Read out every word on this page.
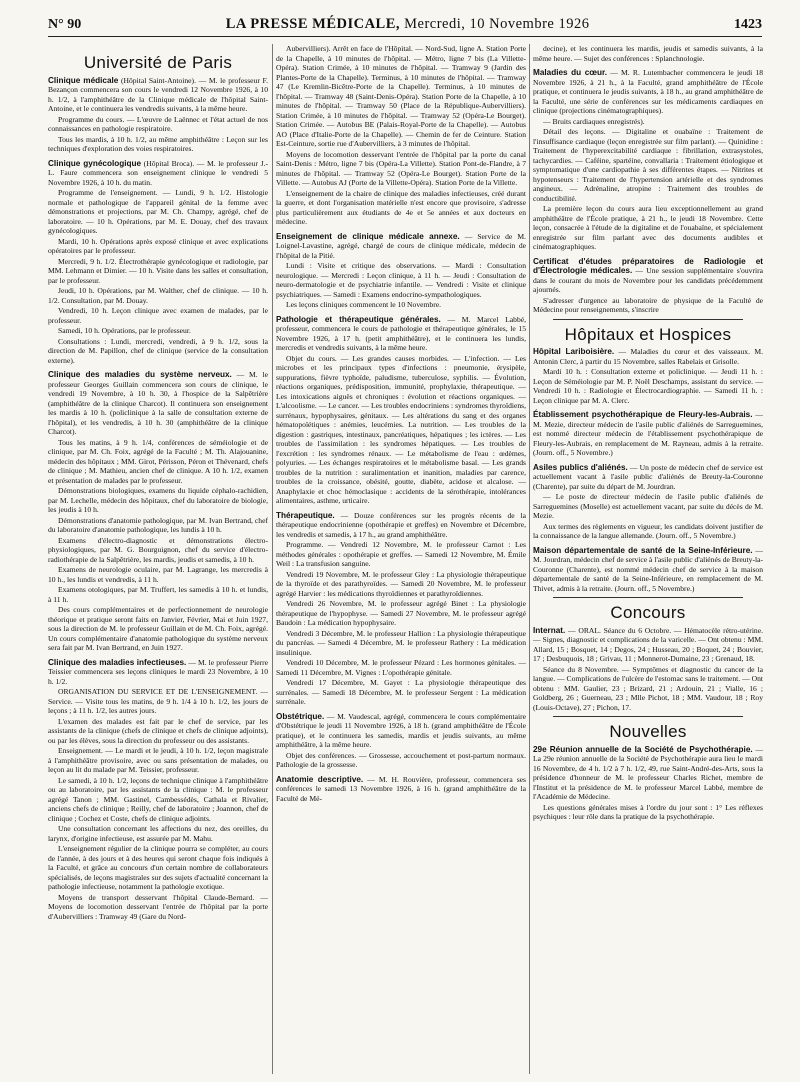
N° 90	LA PRESSE MÉDICALE, Mercredi, 10 Novembre 1926	1423
Université de Paris

Clinique médicale (Hôpital Saint-Antoine). — M. le professeur F. Bezançon commencera son cours le vendredi 12 Novembre 1926, à 10 h. 1/2, à l'amphithéâtre de la Clinique médicale de l'hôpital Saint-Antoine, et le continuera les vendredis suivants, à la même heure.

Programme du cours. — L'œuvre de Laënnec et l'état actuel de nos connaissances en pathologie respiratoire.

Tous les mardis, à 10 h. 1/2, au même amphithéâtre : Leçon sur les techniques d'exploration des voies respiratoires.

Clinique gynécologique (Hôpital Broca). — M. le professeur J.-L. Faure commencera son enseignement clinique le vendredi 5 Novembre 1926, à 10 h. du matin.

Programme de l'enseignement. — Lundi, 9 h. 1/2. Histologie normale et pathologique de l'appareil génital de la femme avec démonstrations et projections, par M. Ch. Champy, agrégé, chef de laboratoire. — 10 h. Opérations, par M. E. Douay, chef des travaux gynécologiques.

Mardi, 10 h. Opérations après exposé clinique et avec explications opératoires par le professeur.

Mercredi, 9 h. 1/2. Électrothérapie gynécologique et radiologie, par MM. Lehmann et Dimier. — 10 h. Visite dans les salles et consultation, par le professeur.

Jeudi, 10 h. Opérations, par M. Walther, chef de clinique. — 10 h. 1/2. Consultation, par M. Douay.

Vendredi, 10 h. Leçon clinique avec examen de malades, par le professeur.

Samedi, 10 h. Opérations, par le professeur.

Consultations : Lundi, mercredi, vendredi, à 9 h. 1/2, sous la direction de M. Papillon, chef de clinique (service de la consultation externe).

Clinique des maladies du système nerveux. — M. le professeur Georges Guillain commencera son cours de clinique, le vendredi 19 Novembre, à 10 h. 30, à l'hospice de la Salpêtrière (amphithéâtre de la clinique Charcot). Il continuera son enseignement les mardis à 10 h. (policlinique à la salle de consultation externe de l'hôpital), et les vendredis, à 10 h. 30 (amphithéâtre de la clinique Charcot).

Tous les matins, à 9 h. 1/4, conférences de séméiologie et de clinique, par M. Ch. Foix, agrégé de la Faculté ; M. Th. Alajouanine, médecin des hôpitaux ; MM. Girot, Périsson, Péron et Thévenard, chefs de clinique ; M. Mathieu, ancien chef de clinique. A 10 h. 1/2, examen et présentation de malades par le professeur.

Démonstrations biologiques, examens du liquide céphalo-rachidien, par M. Lechelle, médecin des hôpitaux, chef du laboratoire de biologie, les jeudis à 10 h.

Démonstrations d'anatomie pathologique, par M. Ivan Bertrand, chef du laboratoire d'anatomie pathologique, les lundis à 10 h.

Examens d'électro-diagnostic et démonstrations électro-physiologiques, par M. G. Bourguignon, chef du service d'électro-radiothérapie de la Salpêtrière, les mardis, jeudis et samedis, à 10 h.

Examens de neurologie oculaire, par M. Lagrange, les mercredis à 10 h., les lundis et vendredis, à 11 h.

Examens otologiques, par M. Truffert, les samedis à 10 h. et lundis, à 11 h.

Des cours complémentaires et de perfectionnement de neurologie théorique et pratique seront faits en Janvier, Février, Mai et Juin 1927, sous la direction de M. le professeur Guillain et de M. Ch. Foix, agrégé. Un cours complémentaire d'anatomie pathologique du système nerveux sera fait par M. Ivan Bertrand, en Juin 1927.

Clinique des maladies infectieuses. — M. le professeur Pierre Teissier commencera ses leçons cliniques le mardi 23 Novembre, à 10 h. 1/2.

ORGANISATION DU SERVICE ET DE L'ENSEIGNEMENT. — Service. — Visite tous les matins, de 9 h. 1/4 à 10 h. 1/2, les jours de leçons ; à 11 h. 1/2, les autres jours.

L'examen des malades est fait par le chef de service, par les assistants de la clinique (chefs de clinique et chefs de clinique adjoints), ou par les élèves, sous la direction du professeur ou des assistants.

Enseignement. — Le mardi et le jeudi, à 10 h. 1/2, leçon magistrale à l'amphithéâtre provisoire, avec ou sans présentation de malades, ou leçon au lit du malade par M. Teissier, professeur.

Le samedi, à 10 h. 1/2, leçons de technique clinique à l'amphithéâtre ou au laboratoire, par les assistants de la clinique : M. le professeur agrégé Tanon ; MM. Gastinel, Cambessédès, Cathala et Rivalier, anciens chefs de clinique ; Reilly, chef de laboratoire ; Joannon, chef de clinique ; Cochez et Coste, chefs de clinique adjoints.

Une consultation concernant les affections du nez, des oreilles, du larynx, d'origine infectieuse, est assurée par M. Mahu.

L'enseignement régulier de la clinique pourra se compléter, au cours de l'année, à des jours et à des heures qui seront chaque fois indiqués à la Faculté, et grâce au concours d'un certain nombre de collaborateurs spécialisés, de leçons magistrales sur des sujets d'actualité concernant la pathologie infectieuse, notamment la pathologie exotique.

Moyens de transport desservant l'hôpital Claude-Bernard. — Moyens de locomotion desservant l'entrée de l'hôpital par la porte d'Aubervilliers : Tramway 49 (Gare du Nord-

Aubervilliers). Arrêt en face de l'Hôpital. — Nord-Sud, ligne A. Station Porte de la Chapelle, à 10 minutes de l'hôpital. — Métro, ligne 7 bis (La Villette-Opéra). Station Crimée, à 10 minutes de l'hôpital. — Tramway 9 (Jardin des Plantes-Porte de la Chapelle). Terminus, à 10 minutes de l'hôpital. — Tramway 47 (Le Kremlin-Bicêtre-Porte de la Chapelle). Terminus, à 10 minutes de l'hôpital. — Tramway 48 (Saint-Denis-Opéra). Station Porte de la Chapelle, à 10 minutes de l'hôpital. — Tramway 50 (Place de la République-Aubervilliers). Station Crimée, à 10 minutes de l'hôpital. — Tramway 52 (Opéra-Le Bourget). Station Crimée. — Autobus BE (Palais-Royal-Porte de la Chapelle). — Autobus AO (Place d'Italie-Porte de la Chapelle). — Chemin de fer de Ceinture. Station Est-Ceinture, sortie rue d'Aubervilliers, à 3 minutes de l'hôpital.

Moyens de locomotion desservant l'entrée de l'hôpital par la porte du canal Saint-Denis : Métro, ligne 7 bis (Opéra-La Villette). Station Pont-de-Flandre, à 7 minutes de l'hôpital. — Tramway 52 (Opéra-Le Bourget). Station Porte de la Villette. — Autobus AJ (Porte de la Villette-Opéra). Station Porte de la Villette.

L'enseignement de la chaire de clinique des maladies infectieuses, créé durant la guerre, et dont l'organisation matérielle n'est encore que provisoire, s'adresse plus particulièrement aux étudiants de 4e et 5e années et aux docteurs en médecine.

Enseignement de clinique médicale annexe. — Service de M. Loignel-Lavastine, agrégé, chargé de cours de clinique médicale, médecin de l'hôpital de la Pitié.

Lundi : Visite et critique des observations. — Mardi : Consultation neurologique. — Mercredi : Leçon clinique, à 11 h. — Jeudi : Consultation de neuro-dermatologie et de psychiatrie infantile. — Vendredi : Visite et clinique psychiatriques. — Samedi : Examens endocrino-sympathologiques.

Les leçons cliniques commencent le 10 Novembre.

Pathologie et thérapeutique générales. — M. Marcel Labbé, professeur, commencera le cours de pathologie et thérapeutique générales, le 15 Novembre 1926, à 17 h. (petit amphithéâtre), et le continuera les lundis, mercredis et vendredis suivants, à la même heure.

Objet du cours. — Les grandes causes morbides. — L'infection. — Les microbes et les principaux types d'infections : pneumonie, érysipèle, suppurations, fièvre typhoïde, paludisme, tuberculose, syphilis. — Évolution, réactions organiques, prédisposition, immunité, prophylaxie, thérapeutique. — Les intoxications aiguës et chroniques : évolution et réactions organiques. — L'alcoolisme. — Le cancer. — Les troubles endocriniens : syndromes thyroïdiens, surrénaux, hypophysaires, génitaux. — Les altérations du sang et des organes hématopoïétiques : anémies, leucémies. La nutrition. — Les troubles de la digestion : gastriques, intestinaux, pancréatiques, hépatiques ; les ictères. — Les troubles de l'assimilation : les syndromes hépatiques. — Les troubles de l'excrétion : les syndromes rénaux. — Le métabolisme de l'eau : œdèmes, polyuries. — Les échanges respiratoires et le métabolisme basal. — Les grands troubles de la nutrition : suralimentation et inanition, maladies par carence, troubles de la croissance, obésité, goutte, diabète, acidose et alcalose. — Anaphylaxie et choc hémoclasique : accidents de la sérothérapie, intolérances alimentaires, asthme, urticaire.

Thérapeutique. — Douze conférences sur les progrès récents de la thérapeutique endocrinienne (opothérapie et greffes) en Novembre et Décembre, les vendredis et samedis, à 17 h., au grand amphithéâtre.

Programme. — Vendredi 12 Novembre, M. le professeur Carnot : Les méthodes générales : opothérapie et greffes. — Samedi 12 Novembre, M. Émile Weil : La transfusion sanguine.

Vendredi 19 Novembre, M. le professeur Gley : La physiologie thérapeutique de la thyroïde et des parathyroïdes. — Samedi 20 Novembre, M. le professeur agrégé Harvier : les médications thyroïdiennes et parathyroïdiennes.

Vendredi 26 Novembre, M. le professeur agrégé Binet : La physiologie thérapeutique de l'hypophyse. — Samedi 27 Novembre, M. le professeur agrégé Baudoin : La médication hypophysaire.

Vendredi 3 Décembre, M. le professeur Hallion : La physiologie thérapeutique du pancréas. — Samedi 4 Décembre, M. le professeur Rathery : La médication insulinique.

Vendredi 10 Décembre, M. le professeur Pézard : Les hormones génitales. — Samedi 11 Décembre, M. Vignes : L'opothérapie génitale.

Vendredi 17 Décembre, M. Gayet : La physiologie thérapeutique des surrénales. — Samedi 18 Décembre, M. le professeur Sergent : La médication surrénale.

Obstétrique. — M. Vaudescal, agrégé, commencera le cours complémentaire d'Obstétrique le jeudi 11 Novembre 1926, à 18 h. (grand amphithéâtre de l'École pratique), et le continuera les samedis, mardis et jeudis suivants, au même amphithéâtre, à la même heure.

Objet des conférences. — Grossesse, accouchement et post-partum normaux. Pathologie de la grossesse.

Anatomie descriptive. — M. H. Rouvière, professeur, commencera ses conférences le samedi 13 Novembre 1926, à 16 h. (grand amphithéâtre de la Faculté de Mé-

decine), et les continuera les mardis, jeudis et samedis suivants, à la même heure. — Sujet des conférences : Splanchnologie.

Maladies du cœur. — M. R. Lutembacher commencera le jeudi 18 Novembre 1926, à 21 h., à la Faculté, grand amphithéâtre de l'École pratique, et continuera le jeudis suivants, à 18 h., au grand amphithéâtre de la Faculté, une série de conférences sur les médicaments cardiaques en clinique (projections cinématographiques).

— Bruits cardiaques enregistrés).

Détail des leçons. — Digitaline et ouabaïne : Traitement de l'insuffisance cardiaque (leçon enregistrée sur film parlant). — Quinidine : Traitement de l'hyperexcitabilité cardiaque : fibrillation, extrasystoles, tachycardies. — Caféine, spartéine, convallaria : Traitement étiologique et symptomatique d'une cardiopathie à ses différentes étapes. — Nitrites et hypotenseurs : Traitement de l'hypertension artérielle et des syndromes angineux. — Adrénaline, atropine : Traitement des troubles de conductibilité.

La première leçon du cours aura lieu exceptionnellement au grand amphithéâtre de l'École pratique, à 21 h., le jeudi 18 Novembre. Cette leçon, consacrée à l'étude de la digitaline et de l'ouabaïne, et spécialement enregistrée sur film parlant avec des documents audibles et cinématographiques.

Certificat d'études préparatoires de Radiologie et d'Électrologie médicales. — Une session supplémentaire s'ouvrira dans le courant du mois de Novembre pour les candidats précédemment ajournés.

S'adresser d'urgence au laboratoire de physique de la Faculté de Médecine pour renseignements, s'inscrire

Hôpitaux et Hospices

Hôpital Lariboisière. — Maladies du cœur et des vaisseaux. M. Antonin Clerc, à partir du 15 Novembre, salles Rabelais et Grisolle.

Mardi 10 h. : Consultation externe et policlinique. — Jeudi 11 h. : Leçon de Séméiologie par M. P. Noël Deschamps, assistant du service. — Vendredi 10 h. : Radiologie et Électrocardiographie. — Samedi 11 h. : Leçon clinique par M. A. Clerc.

Établissement psychothérapique de Fleury-les-Aubrais. — M. Mezie, directeur médecin de l'asile public d'aliénés de Sarreguemines, est nommé directeur médecin de l'établissement psychothérapique de Fleury-les-Aubrais, en remplacement de M. Rayneau, admis à la retraite. (Journ. off., 5 Novembre.)

Asiles publics d'aliénés. — Un poste de médecin chef de service est actuellement vacant à l'asile public d'aliénés de Breuty-la-Couronne (Charente), par suite du départ de M. Jourdran.

— Le poste de directeur médecin de l'asile public d'aliénés de Sarreguemines (Moselle) est actuellement vacant, par suite du décès de M. Mezie.

Aux termes des règlements en vigueur, les candidats doivent justifier de la connaissance de la langue allemande. (Journ. off., 5 Novembre.)

Maison départementale de santé de la Seine-Inférieure. — M. Jourdran, médecin chef de service à l'asile public d'aliénés de Breuty-la-Couronne (Charente), est nommé médecin chef de service à la maison départementale de santé de la Seine-Inférieure, en remplacement de M. Thivet, admis à la retraite. (Journ. off., 5 Novembre.)

Concours

Internat. — ORAL. Séance du 6 Octobre. — Hématocèle rétro-utérine. — Signes, diagnostic et complications de la varicelle. — Ont obtenu : MM. Allard, 15 ; Bosquet, 14 ; Degos, 24 ; Husseau, 20 ; Boquet, 24 ; Bouvier, 17 ; Desbuquois, 18 ; Grivau, 11 ; Monnerot-Dumaine, 23 ; Grenaud, 18.

Séance du 8 Novembre. — Symptômes et diagnostic du cancer de la langue. — Complications de l'ulcère de l'estomac sans le traitement. — Ont obtenu : MM. Gaulier, 23 ; Brizard, 21 ; Ardouin, 21 ; Vialle, 16 ; Goldberg, 26 ; Guerneau, 23 ; Mlle Pichot, 18 ; MM. Vaudour, 18 ; Roy (Louis-Octave), 27 ; Pichon, 17.

Nouvelles

29e Réunion annuelle de la Société de Psychothérapie. — La 29e réunion annuelle de la Société de Psychothérapie aura lieu le mardi 16 Novembre, de 4 h. 1/2 à 7 h. 1/2, 49, rue Saint-André-des-Arts, sous la présidence d'honneur de M. le professeur Charles Richet, membre de l'Institut et la présidence de M. le professeur Marcel Labbé, membre de l'Académie de Médecine.

Les questions générales mises à l'ordre du jour sont : 1° Les réflexes psychiques : leur rôle dans la pratique de la psychothérapie.
